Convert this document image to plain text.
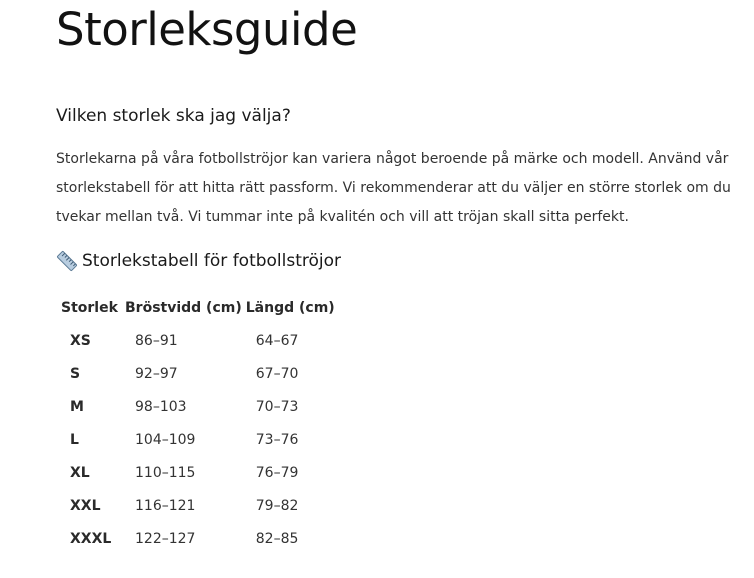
Storleksguide
Vilken storlek ska jag välja?

Storlekarna på våra fotbollströjor kan variera något beroende på märke och modell. Använd vår
storlekstabell för att hitta rätt passform. Vi rekommenderar att du väljer en större storlek om du
tvekar mellan två. Vi tummar inte på kvalitén och vill att tröjan skall sitta perfekt.

Storlekstabell för fotbollströjor
Storlek	Bröstvidd (cm)	Längd (cm)
XS	86–91	64–67
S	92–97	67–70
M	98–103	70–73
L	104–109	73–76
XL	110–115	76–79
XXL	116–121	79–82
XXXL	122–127	82–85
